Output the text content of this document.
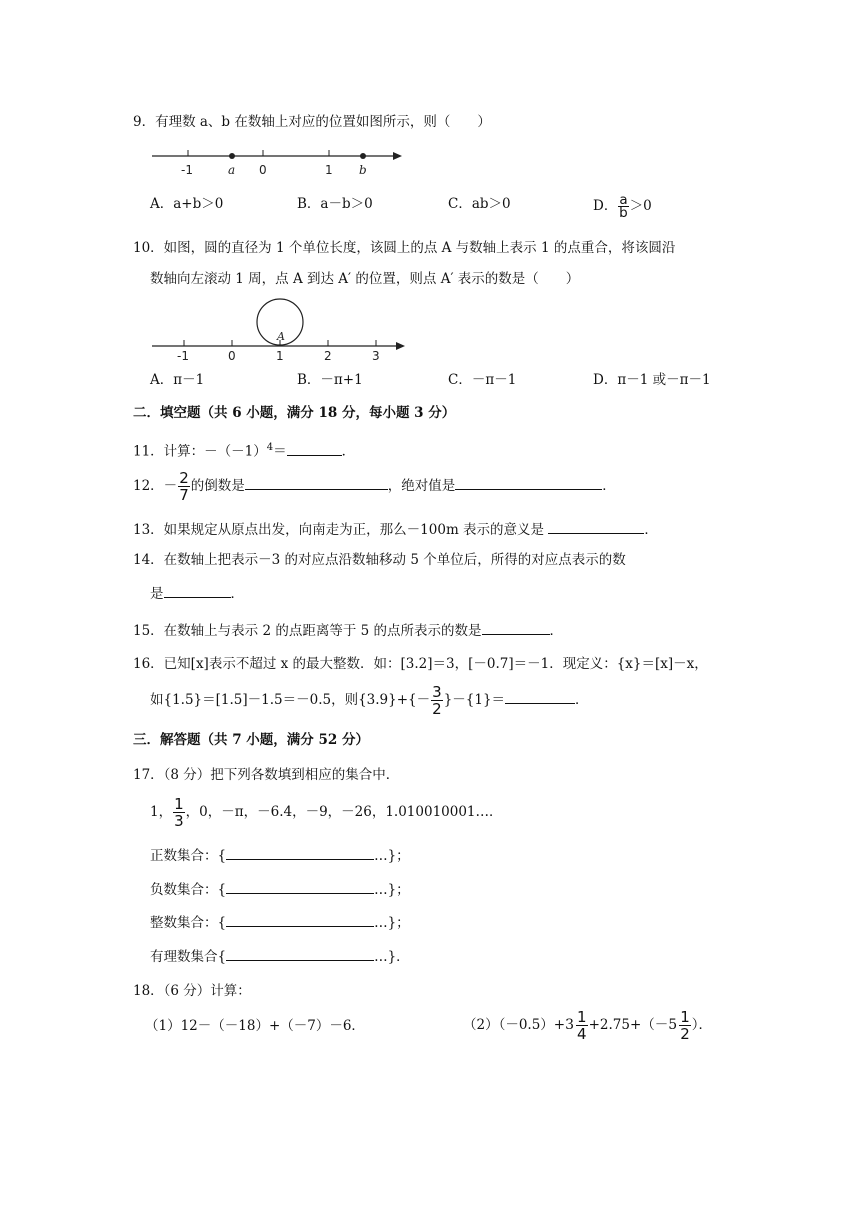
9．有理数 a、b 在数轴上对应的位置如图所示，则（　　）
-1	a 0	1 b
A．a+b＞0	B．a－b＞0	C．ab＞0	D． $\frac{a}{b} >0$
10．如图，圆的直径为 1 个单位长度，该圆上的点 A 与数轴上表示 1 的点重合，将该圆沿
数轴向左滚动 1 周，点 A 到达 A′ 的位置，则点 A′ 表示的数是（　　）
A
-1	0	1	2	3
A．π－1	B．－π+1	C．－π－1	D．π－1 或－π－1
二．填空题（共 6 小题，满分 18 分，每小题 3 分）
11．计算：$-(-1)^4=$	．
12．－ $\frac{2}{7}$ 的倒数是	，绝对值是	．
13．如果规定从原点出发，向南走为正，那么－100m 表示的意义是	．
14．在数轴上把表示－3 的对应点沿数轴移动 5 个单位后，所得的对应点表示的数
是	．
15．在数轴上与表示 2 的点距离等于 5 的点所表示的数是	．
16．已知[x]表示不超过 x 的最大整数．如：[3.2]＝3，[－0.7]＝－1．现定义：{x}＝[x]－x，
如{1.5}＝[1.5]－1.5＝－0.5，则$\{3.9\}+\{- \frac{3}{2} \}-\{1\}=$	．
三．解答题（共 7 小题，满分 52 分）
17．（8 分）把下列各数填到相应的集合中．
1， $\frac{1}{3}$ ，0，－π，－6.4，－9，－26，1.010010001…．
正数集合：{	…}；
负数集合：{	…}；
整数集合：{	…}；
有理数集合{	…}．
18．（6 分）计算：
（1）12－（－18）+（－7）－6．	$(2)(-0.5)+ 3 \frac{1}{4} +2.75+(- 5 \frac{1}{2}$ ）．
